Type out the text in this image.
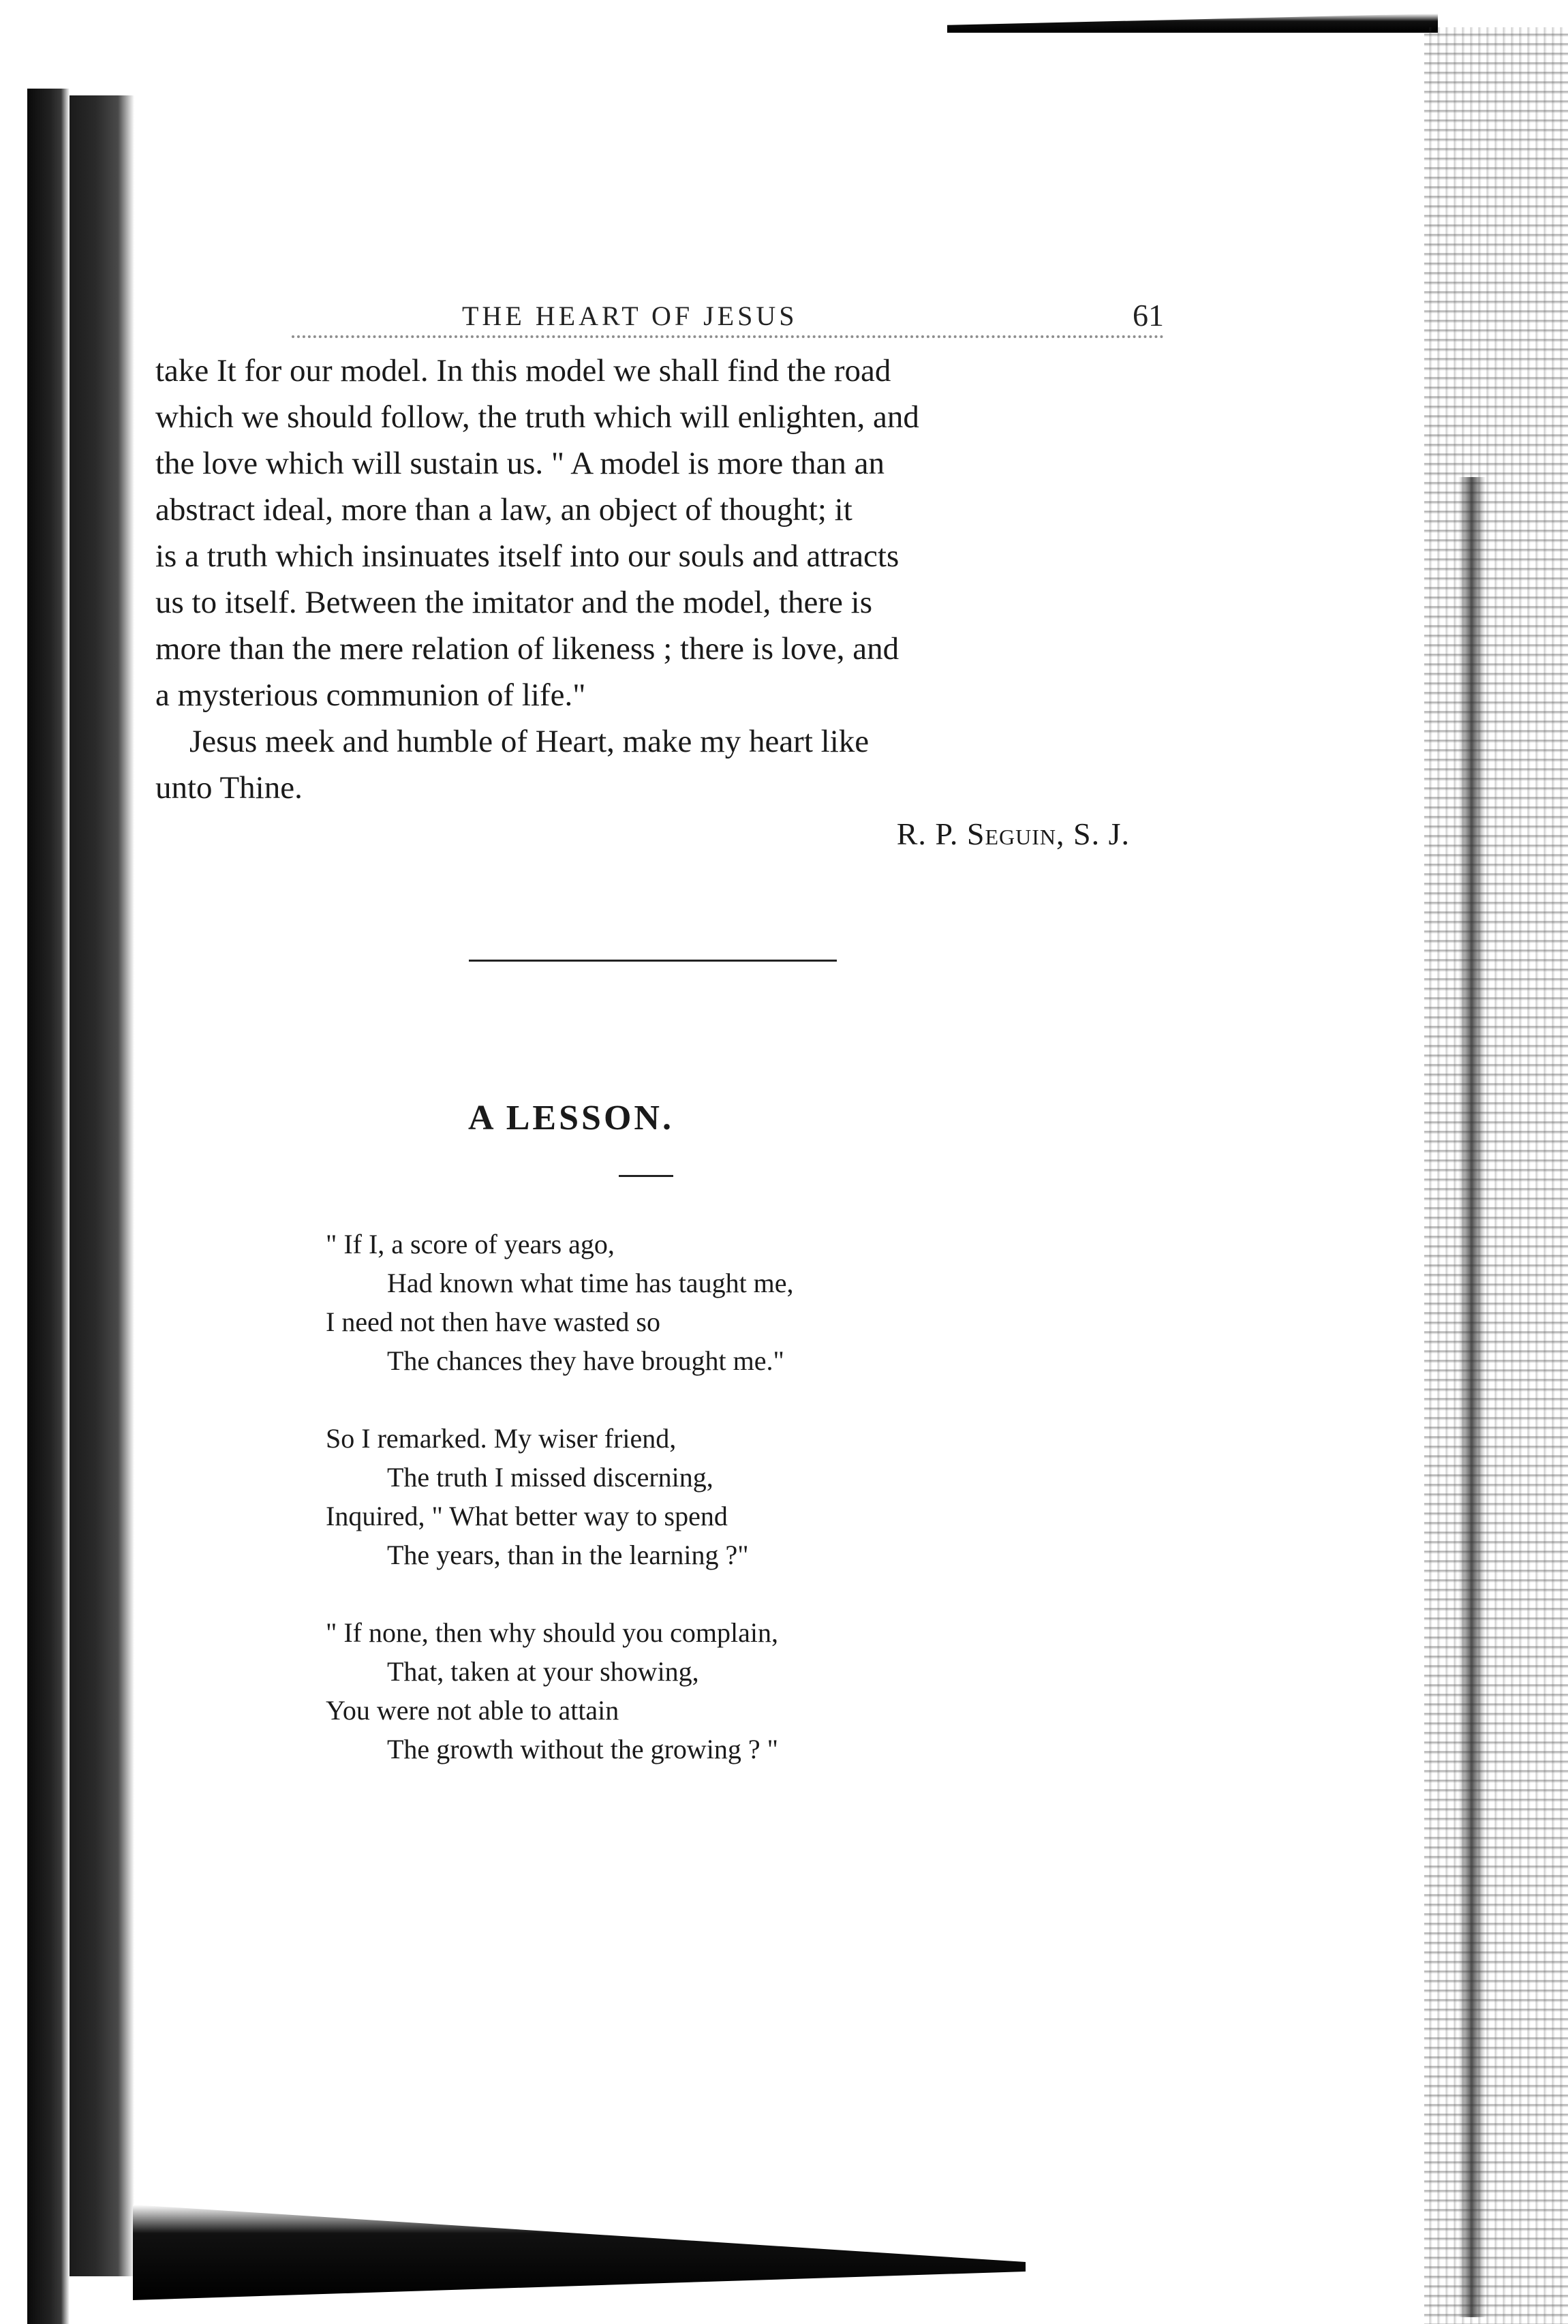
THE HEART OF JESUS	61

take It for our model. In this model we shall find the road
which we should follow, the truth which will enlighten, and
the love which will sustain us. " A model is more than an
abstract ideal, more than a law, an object of thought; it
is a truth which insinuates itself into our souls and attracts
us to itself. Between the imitator and the model, there is
more than the mere relation of likeness ; there is love, and
a mysterious communion of life."

Jesus meek and humble of Heart, make my heart like

unto Thine.

R. P. Seguin, S. J.
A LESSON.
" If I, a score of years ago,
Had known what time has taught me,
I need not then have wasted so
The chances they have brought me."
So I remarked. My wiser friend,
The truth I missed discerning,
Inquired, " What better way to spend
The years, than in the learning ?"
" If none, then why should you complain,
That, taken at your showing,
You were not able to attain
The growth without the growing ? "
